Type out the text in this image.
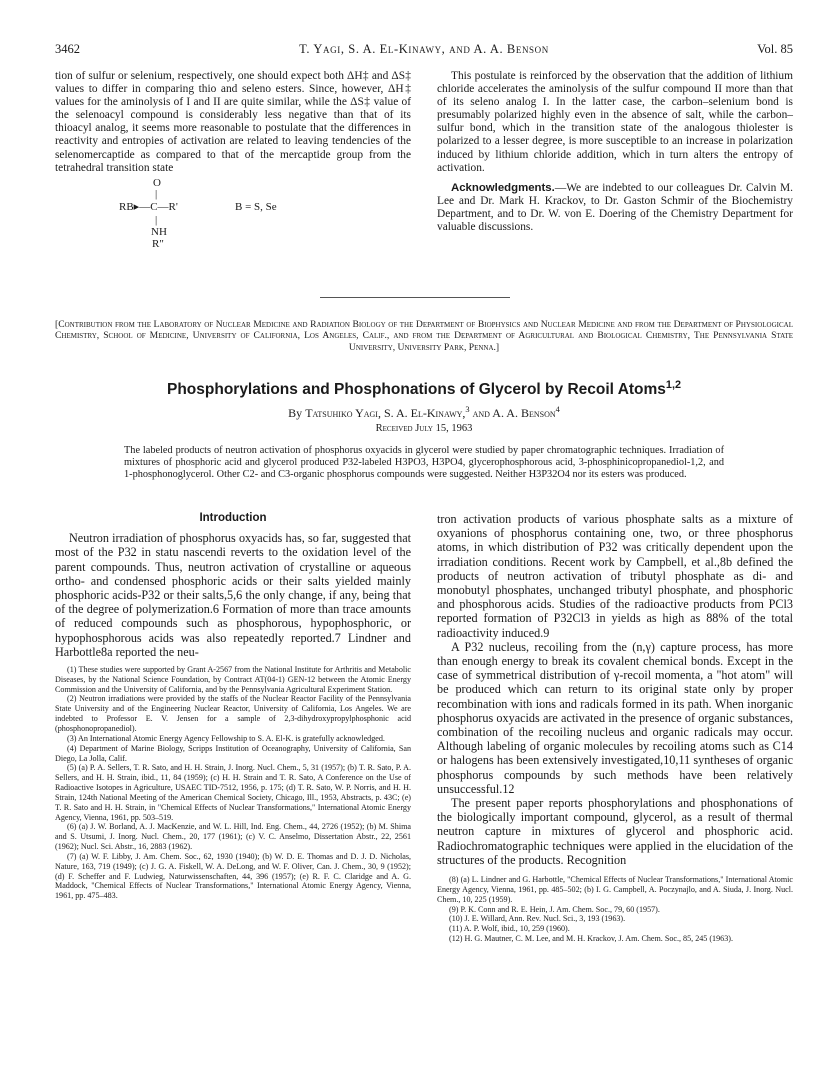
3462	T. Yagi, S. A. El-Kinawy, and A. A. Benson	Vol. 85

tion of sulfur or selenium, respectively, one should expect both ΔH‡ and ΔS‡ values to differ in comparing thio and seleno esters. Since, however, ΔH‡ values for the aminolysis of I and II are quite similar, while the ΔS‡ value of the selenoacyl compound is considerably less negative than that of its thioacyl analog, it seems more reasonable to postulate that the differences in reactivity and entropies of activation are related to leaving tendencies of the selenomercaptide as compared to that of the mercaptide group from the tetrahedral transition state

O
|
RB▸—C—R'
|
NH
R"
B = S, Se

This postulate is reinforced by the observation that the addition of lithium chloride accelerates the aminolysis of the sulfur compound II more than that of its seleno analog I. In the latter case, the carbon–selenium bond is presumably polarized highly even in the absence of salt, while the carbon–sulfur bond, which in the transition state of the analogous thiolester is polarized to a lesser degree, is more susceptible to an increase in polarization induced by lithium chloride addition, which in turn alters the entropy of activation.

Acknowledgments.—We are indebted to our colleagues Dr. Calvin M. Lee and Dr. Mark H. Krackov, to Dr. Gaston Schmir of the Biochemistry Department, and to Dr. W. von E. Doering of the Chemistry Department for valuable discussions.

[Contribution from the Laboratory of Nuclear Medicine and Radiation Biology of the Department of Biophysics and Nuclear Medicine and from the Department of Physiological Chemistry, School of Medicine, University of California, Los Angeles, Calif., and from the Department of Agricultural and Biological Chemistry, The Pennsylvania State University, University Park, Penna.]
Phosphorylations and Phosphonations of Glycerol by Recoil Atoms$^{1,2}$
By Tatsuhiko Yagi, S. A. El-Kinawy,$^3$ and A. A. Benson$^4$
Received July 15, 1963
The labeled products of neutron activation of phosphorus oxyacids in glycerol were studied by paper chromatographic techniques. Irradiation of mixtures of phosphoric acid and glycerol produced P32-labeled H3PO3, H3PO4, glycerophosphorous acid, 3-phosphinicopropanediol-1,2, and 1-phosphonoglycerol. Other C2- and C3-organic phosphorus compounds were suggested. Neither H3P32O4 nor its esters was produced.
Introduction

Neutron irradiation of phosphorus oxyacids has, so far, suggested that most of the P32 in statu nascendi reverts to the oxidation level of the parent compounds. Thus, neutron activation of crystalline or aqueous ortho- and condensed phosphoric acids or their salts yielded mainly phosphoric acids-P32 or their salts,5,6 the only change, if any, being that of the degree of polymerization.6 Formation of more than trace amounts of reduced compounds such as phosphorous, hypophosphoric, or hypophosphorous acids was also repeatedly reported.7 Lindner and Harbottle8a reported the neu-

(1) These studies were supported by Grant A-2567 from the National Institute for Arthritis and Metabolic Diseases, by the National Science Foundation, by Contract AT(04-1) GEN-12 between the Atomic Energy Commission and the University of California, and by the Pennsylvania Agricultural Experiment Station.

(2) Neutron irradiations were provided by the staffs of the Nuclear Reactor Facility of the Pennsylvania State University and of the Engineering Nuclear Reactor, University of California, Los Angeles. We are indebted to Professor E. V. Jensen for a sample of 2,3-dihydroxypropylphosphonic acid (phosphonopropanediol).

(3) An International Atomic Energy Agency Fellowship to S. A. El-K. is gratefully acknowledged.

(4) Department of Marine Biology, Scripps Institution of Oceanography, University of California, San Diego, La Jolla, Calif.

(5) (a) P. A. Sellers, T. R. Sato, and H. H. Strain, J. Inorg. Nucl. Chem., 5, 31 (1957); (b) T. R. Sato, P. A. Sellers, and H. H. Strain, ibid., 11, 84 (1959); (c) H. H. Strain and T. R. Sato, A Conference on the Use of Radioactive Isotopes in Agriculture, USAEC TID-7512, 1956, p. 175; (d) T. R. Sato, W. P. Norris, and H. H. Strain, 124th National Meeting of the American Chemical Society, Chicago, Ill., 1953, Abstracts, p. 43C; (e) T. R. Sato and H. H. Strain, in "Chemical Effects of Nuclear Transformations," International Atomic Energy Agency, Vienna, 1961, pp. 503–519.

(6) (a) J. W. Borland, A. J. MacKenzie, and W. L. Hill, Ind. Eng. Chem., 44, 2726 (1952); (b) M. Shima and S. Utsumi, J. Inorg. Nucl. Chem., 20, 177 (1961); (c) V. C. Anselmo, Dissertation Abstr., 22, 2561 (1962); Nucl. Sci. Abstr., 16, 2883 (1962).

(7) (a) W. F. Libby, J. Am. Chem. Soc., 62, 1930 (1940); (b) W. D. E. Thomas and D. J. D. Nicholas, Nature, 163, 719 (1949); (c) J. G. A. Fiskell, W. A. DeLong, and W. F. Oliver, Can. J. Chem., 30, 9 (1952); (d) F. Scheffer and F. Ludwieg, Naturwissenschaften, 44, 396 (1957); (e) R. F. C. Claridge and A. G. Maddock, "Chemical Effects of Nuclear Transformations," International Atomic Energy Agency, Vienna, 1961, pp. 475–483.

tron activation products of various phosphate salts as a mixture of oxyanions of phosphorus containing one, two, or three phosphorus atoms, in which distribution of P32 was critically dependent upon the irradiation conditions. Recent work by Campbell, et al.,8b defined the products of neutron activation of tributyl phosphate as di- and monobutyl phosphates, unchanged tributyl phosphate, and phosphoric and phosphorous acids. Studies of the radioactive products from PCl3 reported formation of P32Cl3 in yields as high as 88% of the total radioactivity induced.9

A P32 nucleus, recoiling from the (n,γ) capture process, has more than enough energy to break its covalent chemical bonds. Except in the case of symmetrical distribution of γ-recoil momenta, a "hot atom" will be produced which can return to its original state only by proper recombination with ions and radicals formed in its path. When inorganic phosphorus oxyacids are activated in the presence of organic substances, combination of the recoiling nucleus and organic radicals may occur. Although labeling of organic molecules by recoiling atoms such as C14 or halogens has been extensively investigated,10,11 syntheses of organic phosphorus compounds by such methods have been relatively unsuccessful.12

The present paper reports phosphorylations and phosphonations of the biologically important compound, glycerol, as a result of thermal neutron capture in mixtures of glycerol and phosphoric acid. Radiochromatographic techniques were applied in the elucidation of the structures of the products. Recognition

(8) (a) L. Lindner and G. Harbottle, "Chemical Effects of Nuclear Transformations," International Atomic Energy Agency, Vienna, 1961, pp. 485–502; (b) I. G. Campbell, A. Poczynajlo, and A. Siuda, J. Inorg. Nucl. Chem., 10, 225 (1959).

(9) P. K. Conn and R. E. Hein, J. Am. Chem. Soc., 79, 60 (1957).

(10) J. E. Willard, Ann. Rev. Nucl. Sci., 3, 193 (1963).

(11) A. P. Wolf, ibid., 10, 259 (1960).

(12) H. G. Mautner, C. M. Lee, and M. H. Krackov, J. Am. Chem. Soc., 85, 245 (1963).
